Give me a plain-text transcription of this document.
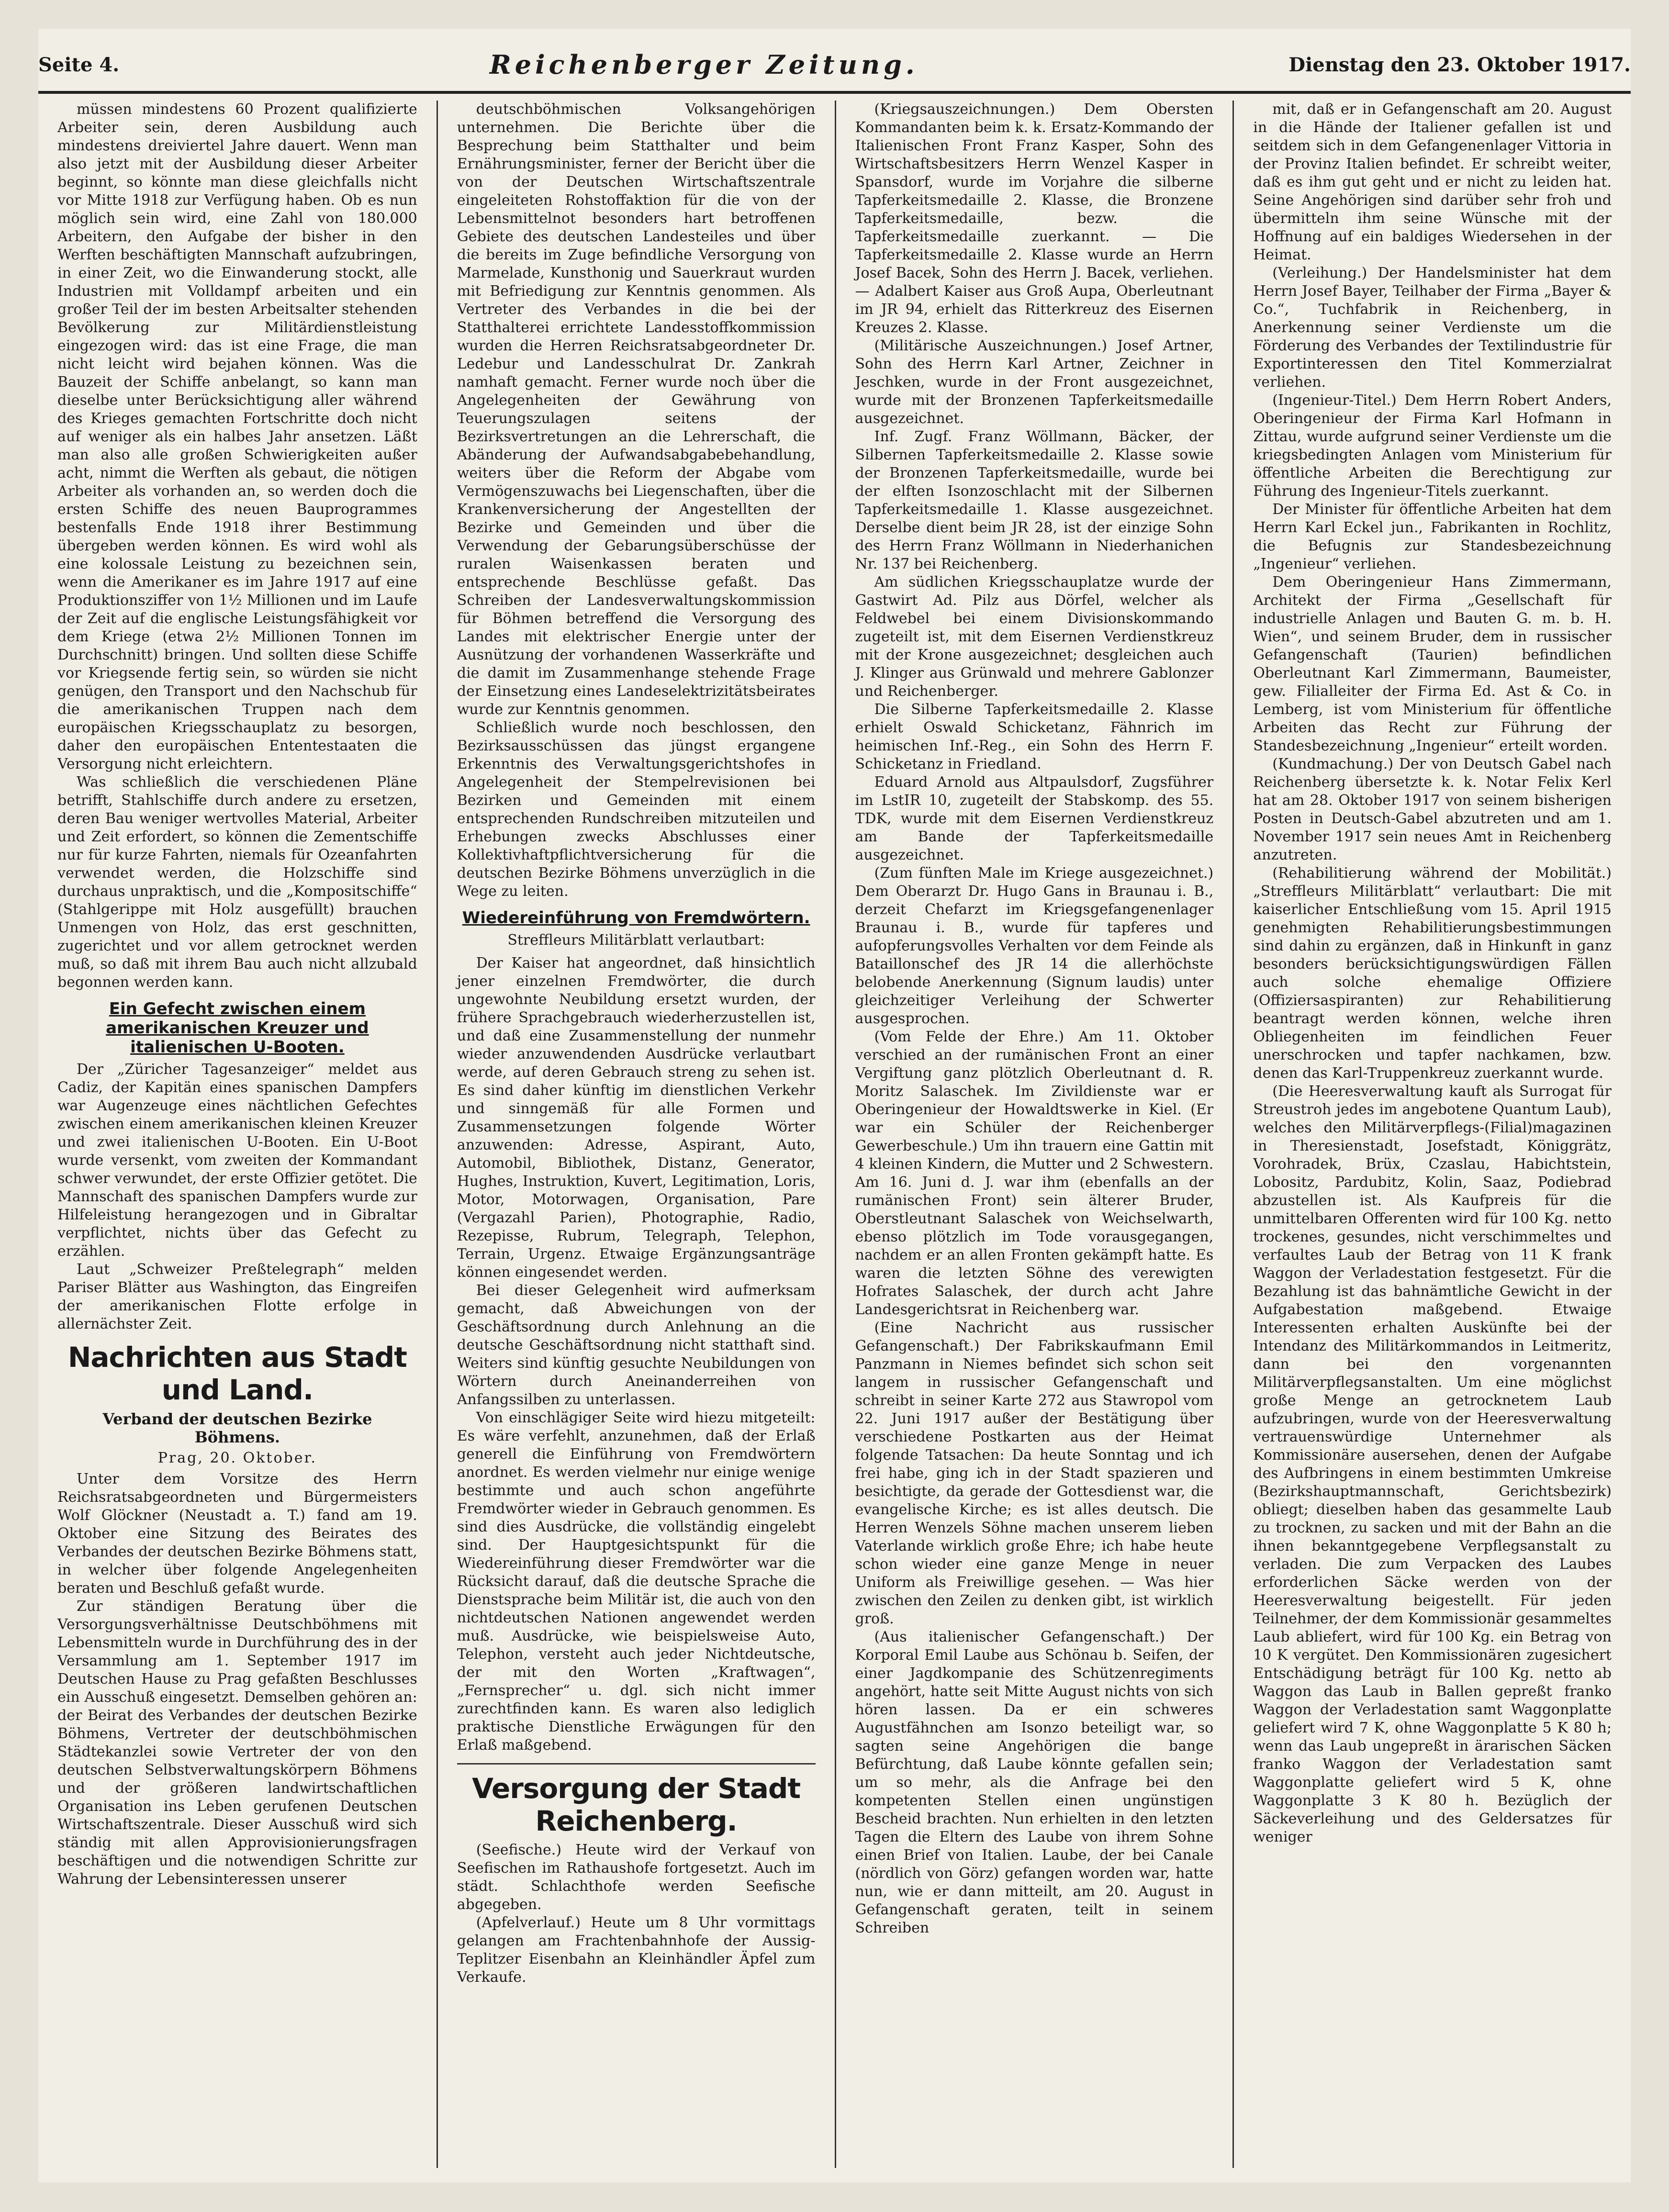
Seite 4.	Reichenberger Zeitung.	Dienstag den 23. Oktober 1917.

müssen mindestens 60 Prozent qualifizierte Arbeiter sein, deren Ausbildung auch mindestens dreiviertel Jahre dauert. Wenn man also jetzt mit der Ausbildung dieser Arbeiter beginnt, so könnte man diese gleichfalls nicht vor Mitte 1918 zur Verfügung haben. Ob es nun möglich sein wird, eine Zahl von 180.000 Arbeitern, den Aufgabe der bisher in den Werften beschäftigten Mannschaft aufzubringen, in einer Zeit, wo die Einwanderung stockt, alle Industrien mit Volldampf arbeiten und ein großer Teil der im besten Arbeitsalter stehenden Bevölkerung zur Militärdienstleistung eingezogen wird: das ist eine Frage, die man nicht leicht wird bejahen können. Was die Bauzeit der Schiffe anbelangt, so kann man dieselbe unter Berücksichtigung aller während des Krieges gemachten Fortschritte doch nicht auf weniger als ein halbes Jahr ansetzen. Läßt man also alle großen Schwierigkeiten außer acht, nimmt die Werften als gebaut, die nötigen Arbeiter als vorhanden an, so werden doch die ersten Schiffe des neuen Bauprogrammes bestenfalls Ende 1918 ihrer Bestimmung übergeben werden können. Es wird wohl als eine kolossale Leistung zu bezeichnen sein, wenn die Amerikaner es im Jahre 1917 auf eine Produktionsziffer von 1½ Millionen und im Laufe der Zeit auf die englische Leistungsfähigkeit vor dem Kriege (etwa 2½ Millionen Tonnen im Durchschnitt) bringen. Und sollten diese Schiffe vor Kriegsende fertig sein, so würden sie nicht genügen, den Transport und den Nachschub für die amerikanischen Truppen nach dem europäischen Kriegsschauplatz zu besorgen, daher den europäischen Ententestaaten die Versorgung nicht erleichtern.

Was schließlich die verschiedenen Pläne betrifft, Stahlschiffe durch andere zu ersetzen, deren Bau weniger wertvolles Material, Arbeiter und Zeit erfordert, so können die Zementschiffe nur für kurze Fahrten, niemals für Ozeanfahrten verwendet werden, die Holzschiffe sind durchaus unpraktisch, und die „Kompositschiffe“ (Stahlgerippe mit Holz ausgefüllt) brauchen Unmengen von Holz, das erst geschnitten, zugerichtet und vor allem getrocknet werden muß, so daß mit ihrem Bau auch nicht allzubald begonnen werden kann.

Ein Gefecht zwischen einem amerikanischen Kreuzer und italienischen U-Booten.

Der „Züricher Tagesanzeiger“ meldet aus Cadiz, der Kapitän eines spanischen Dampfers war Augenzeuge eines nächtlichen Gefechtes zwischen einem amerikanischen kleinen Kreuzer und zwei italienischen U-Booten. Ein U-Boot wurde versenkt, vom zweiten der Kommandant schwer verwundet, der erste Offizier getötet. Die Mannschaft des spanischen Dampfers wurde zur Hilfeleistung herangezogen und in Gibraltar verpflichtet, nichts über das Gefecht zu erzählen.

Laut „Schweizer Preßtelegraph“ melden Pariser Blätter aus Washington, das Eingreifen der amerikanischen Flotte erfolge in allernächster Zeit.

Nachrichten aus Stadt und Land.
Verband der deutschen Bezirke Böhmens.
Prag, 20. Oktober.

Unter dem Vorsitze des Herrn Reichsratsabgeordneten und Bürgermeisters Wolf Glöckner (Neustadt a. T.) fand am 19. Oktober eine Sitzung des Beirates des Verbandes der deutschen Bezirke Böhmens statt, in welcher über folgende Angelegenheiten beraten und Beschluß gefaßt wurde.

Zur ständigen Beratung über die Versorgungsverhältnisse Deutschböhmens mit Lebensmitteln wurde in Durchführung des in der Versammlung am 1. September 1917 im Deutschen Hause zu Prag gefaßten Beschlusses ein Ausschuß eingesetzt. Demselben gehören an: der Beirat des Verbandes der deutschen Bezirke Böhmens, Vertreter der deutschböhmischen Städtekanzlei sowie Vertreter der von den deutschen Selbstverwaltungskörpern Böhmens und der größeren landwirtschaftlichen Organisation ins Leben gerufenen Deutschen Wirtschaftszentrale. Dieser Ausschuß wird sich ständig mit allen Approvisionierungsfragen beschäftigen und die notwendigen Schritte zur Wahrung der Lebensinteressen unserer

deutschböhmischen Volksangehörigen unternehmen. Die Berichte über die Besprechung beim Statthalter und beim Ernährungsminister, ferner der Bericht über die von der Deutschen Wirtschaftszentrale eingeleiteten Rohstoffaktion für die von der Lebensmittelnot besonders hart betroffenen Gebiete des deutschen Landesteiles und über die bereits im Zuge befindliche Versorgung von Marmelade, Kunsthonig und Sauerkraut wurden mit Befriedigung zur Kenntnis genommen. Als Vertreter des Verbandes in die bei der Statthalterei errichtete Landesstoffkommission wurden die Herren Reichsratsabgeordneter Dr. Ledebur und Landesschulrat Dr. Zankrah namhaft gemacht. Ferner wurde noch über die Angelegenheiten der Gewährung von Teuerungszulagen seitens der Bezirksvertretungen an die Lehrerschaft, die Abänderung der Aufwandsabgabebehandlung, weiters über die Reform der Abgabe vom Vermögenszuwachs bei Liegenschaften, über die Krankenversicherung der Angestellten der Bezirke und Gemeinden und über die Verwendung der Gebarungsüberschüsse der ruralen Waisenkassen beraten und entsprechende Beschlüsse gefaßt. Das Schreiben der Landesverwaltungskommission für Böhmen betreffend die Versorgung des Landes mit elektrischer Energie unter der Ausnützung der vorhandenen Wasserkräfte und die damit im Zusammenhange stehende Frage der Einsetzung eines Landeselektrizitätsbeirates wurde zur Kenntnis genommen.

Schließlich wurde noch beschlossen, den Bezirksausschüssen das jüngst ergangene Erkenntnis des Verwaltungsgerichtshofes in Angelegenheit der Stempelrevisionen bei Bezirken und Gemeinden mit einem entsprechenden Rundschreiben mitzuteilen und Erhebungen zwecks Abschlusses einer Kollektivhaftpflichtversicherung für die deutschen Bezirke Böhmens unverzüglich in die Wege zu leiten.

Wiedereinführung von Fremdwörtern.
Streffleurs Militärblatt verlautbart:

Der Kaiser hat angeordnet, daß hinsichtlich jener einzelnen Fremdwörter, die durch ungewohnte Neubildung ersetzt wurden, der frühere Sprachgebrauch wiederherzustellen ist, und daß eine Zusammenstellung der nunmehr wieder anzuwendenden Ausdrücke verlautbart werde, auf deren Gebrauch streng zu sehen ist. Es sind daher künftig im dienstlichen Verkehr und sinngemäß für alle Formen und Zusammensetzungen folgende Wörter anzuwenden: Adresse, Aspirant, Auto, Automobil, Bibliothek, Distanz, Generator, Hughes, Instruktion, Kuvert, Legitimation, Loris, Motor, Motorwagen, Organisation, Pare (Vergazahl Parien), Photographie, Radio, Rezepisse, Rubrum, Telegraph, Telephon, Terrain, Urgenz. Etwaige Ergänzungsanträge können eingesendet werden.

Bei dieser Gelegenheit wird aufmerksam gemacht, daß Abweichungen von der Geschäftsordnung durch Anlehnung an die deutsche Geschäftsordnung nicht statthaft sind. Weiters sind künftig gesuchte Neubildungen von Wörtern durch Aneinanderreihen von Anfangssilben zu unterlassen.

Von einschlägiger Seite wird hiezu mitgeteilt: Es wäre verfehlt, anzunehmen, daß der Erlaß generell die Einführung von Fremdwörtern anordnet. Es werden vielmehr nur einige wenige bestimmte und auch schon angeführte Fremdwörter wieder in Gebrauch genommen. Es sind dies Ausdrücke, die vollständig eingelebt sind. Der Hauptgesichtspunkt für die Wiedereinführung dieser Fremdwörter war die Rücksicht darauf, daß die deutsche Sprache die Dienstsprache beim Militär ist, die auch von den nichtdeutschen Nationen angewendet werden muß. Ausdrücke, wie beispielsweise Auto, Telephon, versteht auch jeder Nichtdeutsche, der mit den Worten „Kraftwagen“, „Fernsprecher“ u. dgl. sich nicht immer zurechtfinden kann. Es waren also lediglich praktische Dienstliche Erwägungen für den Erlaß maßgebend.

Versorgung der Stadt Reichenberg.

(Seefische.) Heute wird der Verkauf von Seefischen im Rathaushofe fortgesetzt. Auch im städt. Schlachthofe werden Seefische abgegeben.

(Apfelverlauf.) Heute um 8 Uhr vormittags gelangen am Frachtenbahnhofe der Aussig-Teplitzer Eisenbahn an Kleinhändler Äpfel zum Verkaufe.

(Kriegsauszeichnungen.) Dem Obersten Kommandanten beim k. k. Ersatz-Kommando der Italienischen Front Franz Kasper, Sohn des Wirtschaftsbesitzers Herrn Wenzel Kasper in Spansdorf, wurde im Vorjahre die silberne Tapferkeitsmedaille 2. Klasse, die Bronzene Tapferkeitsmedaille, bezw. die Tapferkeitsmedaille zuerkannt. — Die Tapferkeitsmedaille 2. Klasse wurde an Herrn Josef Bacek, Sohn des Herrn J. Bacek, verliehen. — Adalbert Kaiser aus Groß Aupa, Oberleutnant im JR 94, erhielt das Ritterkreuz des Eisernen Kreuzes 2. Klasse.

(Militärische Auszeichnungen.) Josef Artner, Sohn des Herrn Karl Artner, Zeichner in Jeschken, wurde in der Front ausgezeichnet, wurde mit der Bronzenen Tapferkeitsmedaille ausgezeichnet.

Inf. Zugf. Franz Wöllmann, Bäcker, der Silbernen Tapferkeitsmedaille 2. Klasse sowie der Bronzenen Tapferkeitsmedaille, wurde bei der elften Isonzoschlacht mit der Silbernen Tapferkeitsmedaille 1. Klasse ausgezeichnet. Derselbe dient beim JR 28, ist der einzige Sohn des Herrn Franz Wöllmann in Niederhanichen Nr. 137 bei Reichenberg.

Am südlichen Kriegsschauplatze wurde der Gastwirt Ad. Pilz aus Dörfel, welcher als Feldwebel bei einem Divisionskommando zugeteilt ist, mit dem Eisernen Verdienstkreuz mit der Krone ausgezeichnet; desgleichen auch J. Klinger aus Grünwald und mehrere Gablonzer und Reichenberger.

Die Silberne Tapferkeitsmedaille 2. Klasse erhielt Oswald Schicketanz, Fähnrich im heimischen Inf.-Reg., ein Sohn des Herrn F. Schicketanz in Friedland.

Eduard Arnold aus Altpaulsdorf, Zugsführer im LstIR 10, zugeteilt der Stabskomp. des 55. TDK, wurde mit dem Eisernen Verdienstkreuz am Bande der Tapferkeitsmedaille ausgezeichnet.

(Zum fünften Male im Kriege ausgezeichnet.) Dem Oberarzt Dr. Hugo Gans in Braunau i. B., derzeit Chefarzt im Kriegsgefangenenlager Braunau i. B., wurde für tapferes und aufopferungsvolles Verhalten vor dem Feinde als Bataillonschef des JR 14 die allerhöchste belobende Anerkennung (Signum laudis) unter gleichzeitiger Verleihung der Schwerter ausgesprochen.

(Vom Felde der Ehre.) Am 11. Oktober verschied an der rumänischen Front an einer Vergiftung ganz plötzlich Oberleutnant d. R. Moritz Salaschek. Im Zivildienste war er Oberingenieur der Howaldtswerke in Kiel. (Er war ein Schüler der Reichenberger Gewerbeschule.) Um ihn trauern eine Gattin mit 4 kleinen Kindern, die Mutter und 2 Schwestern. Am 16. Juni d. J. war ihm (ebenfalls an der rumänischen Front) sein älterer Bruder, Oberstleutnant Salaschek von Weichselwarth, ebenso plötzlich im Tode vorausgegangen, nachdem er an allen Fronten gekämpft hatte. Es waren die letzten Söhne des verewigten Hofrates Salaschek, der durch acht Jahre Landesgerichtsrat in Reichenberg war.

(Eine Nachricht aus russischer Gefangenschaft.) Der Fabrikskaufmann Emil Panzmann in Niemes befindet sich schon seit langem in russischer Gefangenschaft und schreibt in seiner Karte 272 aus Stawropol vom 22. Juni 1917 außer der Bestätigung über verschiedene Postkarten aus der Heimat folgende Tatsachen: Da heute Sonntag und ich frei habe, ging ich in der Stadt spazieren und besichtigte, da gerade der Gottesdienst war, die evangelische Kirche; es ist alles deutsch. Die Herren Wenzels Söhne machen unserem lieben Vaterlande wirklich große Ehre; ich habe heute schon wieder eine ganze Menge in neuer Uniform als Freiwillige gesehen. — Was hier zwischen den Zeilen zu denken gibt, ist wirklich groß.

(Aus italienischer Gefangenschaft.) Der Korporal Emil Laube aus Schönau b. Seifen, der einer Jagdkompanie des Schützenregiments angehört, hatte seit Mitte August nichts von sich hören lassen. Da er ein schweres Augustfähnchen am Isonzo beteiligt war, so sagten seine Angehörigen die bange Befürchtung, daß Laube könnte gefallen sein; um so mehr, als die Anfrage bei den kompetenten Stellen einen ungünstigen Bescheid brachten. Nun erhielten in den letzten Tagen die Eltern des Laube von ihrem Sohne einen Brief von Italien. Laube, der bei Canale (nördlich von Görz) gefangen worden war, hatte nun, wie er dann mitteilt, am 20. August in Gefangenschaft geraten, teilt in seinem Schreiben

mit, daß er in Gefangenschaft am 20. August in die Hände der Italiener gefallen ist und seitdem sich in dem Gefangenenlager Vittoria in der Provinz Italien befindet. Er schreibt weiter, daß es ihm gut geht und er nicht zu leiden hat. Seine Angehörigen sind darüber sehr froh und übermitteln ihm seine Wünsche mit der Hoffnung auf ein baldiges Wiedersehen in der Heimat.

(Verleihung.) Der Handelsminister hat dem Herrn Josef Bayer, Teilhaber der Firma „Bayer & Co.“, Tuchfabrik in Reichenberg, in Anerkennung seiner Verdienste um die Förderung des Verbandes der Textilindustrie für Exportinteressen den Titel Kommerzialrat verliehen.

(Ingenieur-Titel.) Dem Herrn Robert Anders, Oberingenieur der Firma Karl Hofmann in Zittau, wurde aufgrund seiner Verdienste um die kriegsbedingten Anlagen vom Ministerium für öffentliche Arbeiten die Berechtigung zur Führung des Ingenieur-Titels zuerkannt.

Der Minister für öffentliche Arbeiten hat dem Herrn Karl Eckel jun., Fabrikanten in Rochlitz, die Befugnis zur Standesbezeichnung „Ingenieur“ verliehen.

Dem Oberingenieur Hans Zimmermann, Architekt der Firma „Gesellschaft für industrielle Anlagen und Bauten G. m. b. H. Wien“, und seinem Bruder, dem in russischer Gefangenschaft (Taurien) befindlichen Oberleutnant Karl Zimmermann, Baumeister, gew. Filialleiter der Firma Ed. Ast & Co. in Lemberg, ist vom Ministerium für öffentliche Arbeiten das Recht zur Führung der Standesbezeichnung „Ingenieur“ erteilt worden.

(Kundmachung.) Der von Deutsch Gabel nach Reichenberg übersetzte k. k. Notar Felix Kerl hat am 28. Oktober 1917 von seinem bisherigen Posten in Deutsch-Gabel abzutreten und am 1. November 1917 sein neues Amt in Reichenberg anzutreten.

(Rehabilitierung während der Mobilität.) „Streffleurs Militärblatt“ verlautbart: Die mit kaiserlicher Entschließung vom 15. April 1915 genehmigten Rehabilitierungsbestimmungen sind dahin zu ergänzen, daß in Hinkunft in ganz besonders berücksichtigungswürdigen Fällen auch solche ehemalige Offiziere (Offiziersaspiranten) zur Rehabilitierung beantragt werden können, welche ihren Obliegenheiten im feindlichen Feuer unerschrocken und tapfer nachkamen, bzw. denen das Karl-Truppenkreuz zuerkannt wurde.

(Die Heeresverwaltung kauft als Surrogat für Streustroh jedes im angebotene Quantum Laub), welches den Militärverpflegs-(Filial)magazinen in Theresienstadt, Josefstadt, Königgrätz, Vorohradek, Brüx, Czaslau, Habichtstein, Lobositz, Pardubitz, Kolin, Saaz, Podiebrad abzustellen ist. Als Kaufpreis für die unmittelbaren Offerenten wird für 100 Kg. netto trockenes, gesundes, nicht verschimmeltes und verfaultes Laub der Betrag von 11 K frank Waggon der Verladestation festgesetzt. Für die Bezahlung ist das bahnämtliche Gewicht in der Aufgabestation maßgebend. Etwaige Interessenten erhalten Auskünfte bei der Intendanz des Militärkommandos in Leitmeritz, dann bei den vorgenannten Militärverpflegsanstalten. Um eine möglichst große Menge an getrocknetem Laub aufzubringen, wurde von der Heeresverwaltung vertrauenswürdige Unternehmer als Kommissionäre ausersehen, denen der Aufgabe des Aufbringens in einem bestimmten Umkreise (Bezirkshauptmannschaft, Gerichtsbezirk) obliegt; dieselben haben das gesammelte Laub zu trocknen, zu sacken und mit der Bahn an die ihnen bekanntgegebene Verpflegsanstalt zu verladen. Die zum Verpacken des Laubes erforderlichen Säcke werden von der Heeresverwaltung beigestellt. Für jeden Teilnehmer, der dem Kommissionär gesammeltes Laub abliefert, wird für 100 Kg. ein Betrag von 10 K vergütet. Den Kommissionären zugesichert Entschädigung beträgt für 100 Kg. netto ab Waggon das Laub in Ballen gepreßt franko Waggon der Verladestation samt Waggonplatte geliefert wird 7 K, ohne Waggonplatte 5 K 80 h; wenn das Laub ungepreßt in ärarischen Säcken franko Waggon der Verladestation samt Waggonplatte geliefert wird 5 K, ohne Waggonplatte 3 K 80 h. Bezüglich der Säckeverleihung und des Geldersatzes für weniger
